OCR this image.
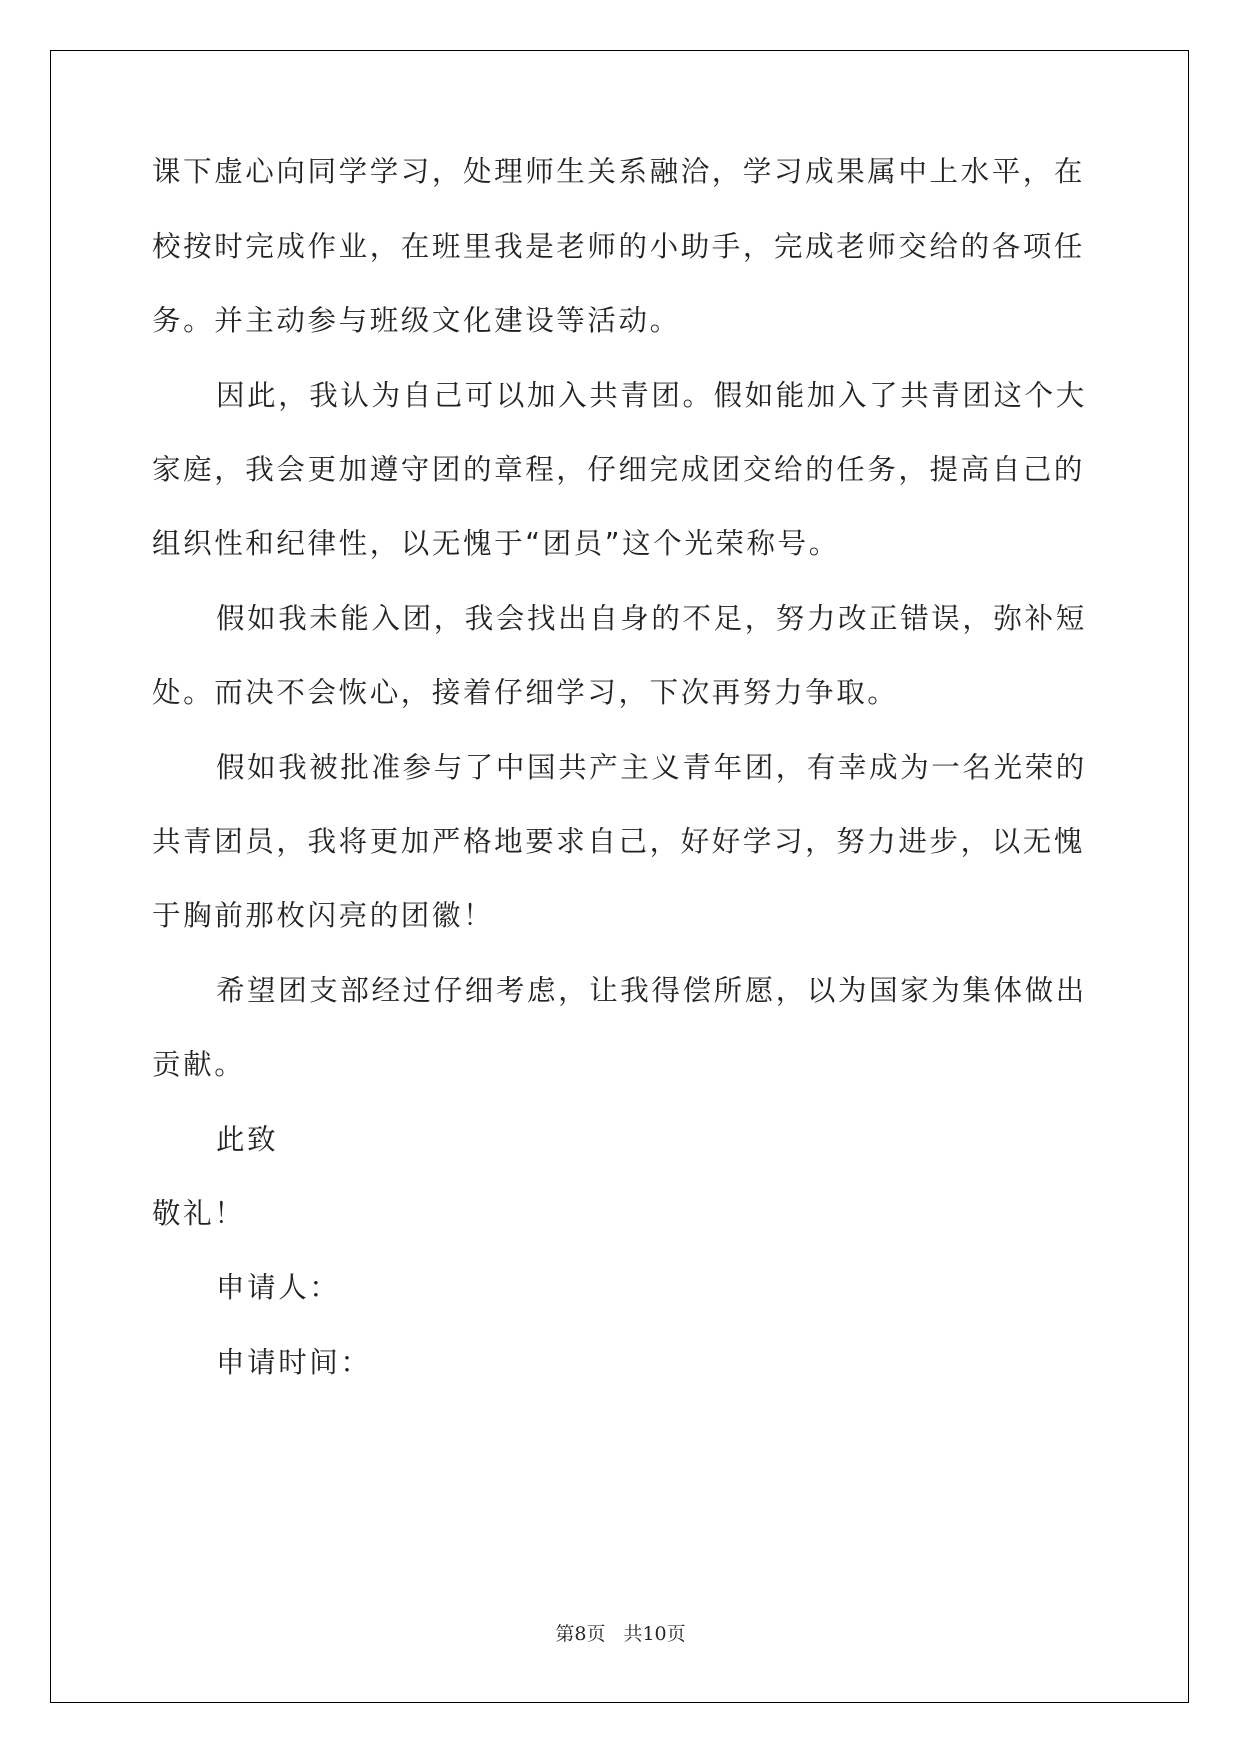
课下虚心向同学学习，处理师生关系融洽，学习成果属中上水平，在
校按时完成作业，在班里我是老师的小助手，完成老师交给的各项任
务。并主动参与班级文化建设等活动。
因此，我认为自己可以加入共青团。假如能加入了共青团这个大
家庭，我会更加遵守团的章程，仔细完成团交给的任务，提高自己的
组织性和纪律性，以无愧于“团员”这个光荣称号。
假如我未能入团，我会找出自身的不足，努力改正错误，弥补短
处。而决不会恢心，接着仔细学习，下次再努力争取。
假如我被批准参与了中国共产主义青年团，有幸成为一名光荣的
共青团员，我将更加严格地要求自己，好好学习，努力进步，以无愧
于胸前那枚闪亮的团徽！
希望团支部经过仔细考虑，让我得偿所愿，以为国家为集体做出
贡献。
此致
敬礼！
申请人：
申请时间：
第8页 共10页
